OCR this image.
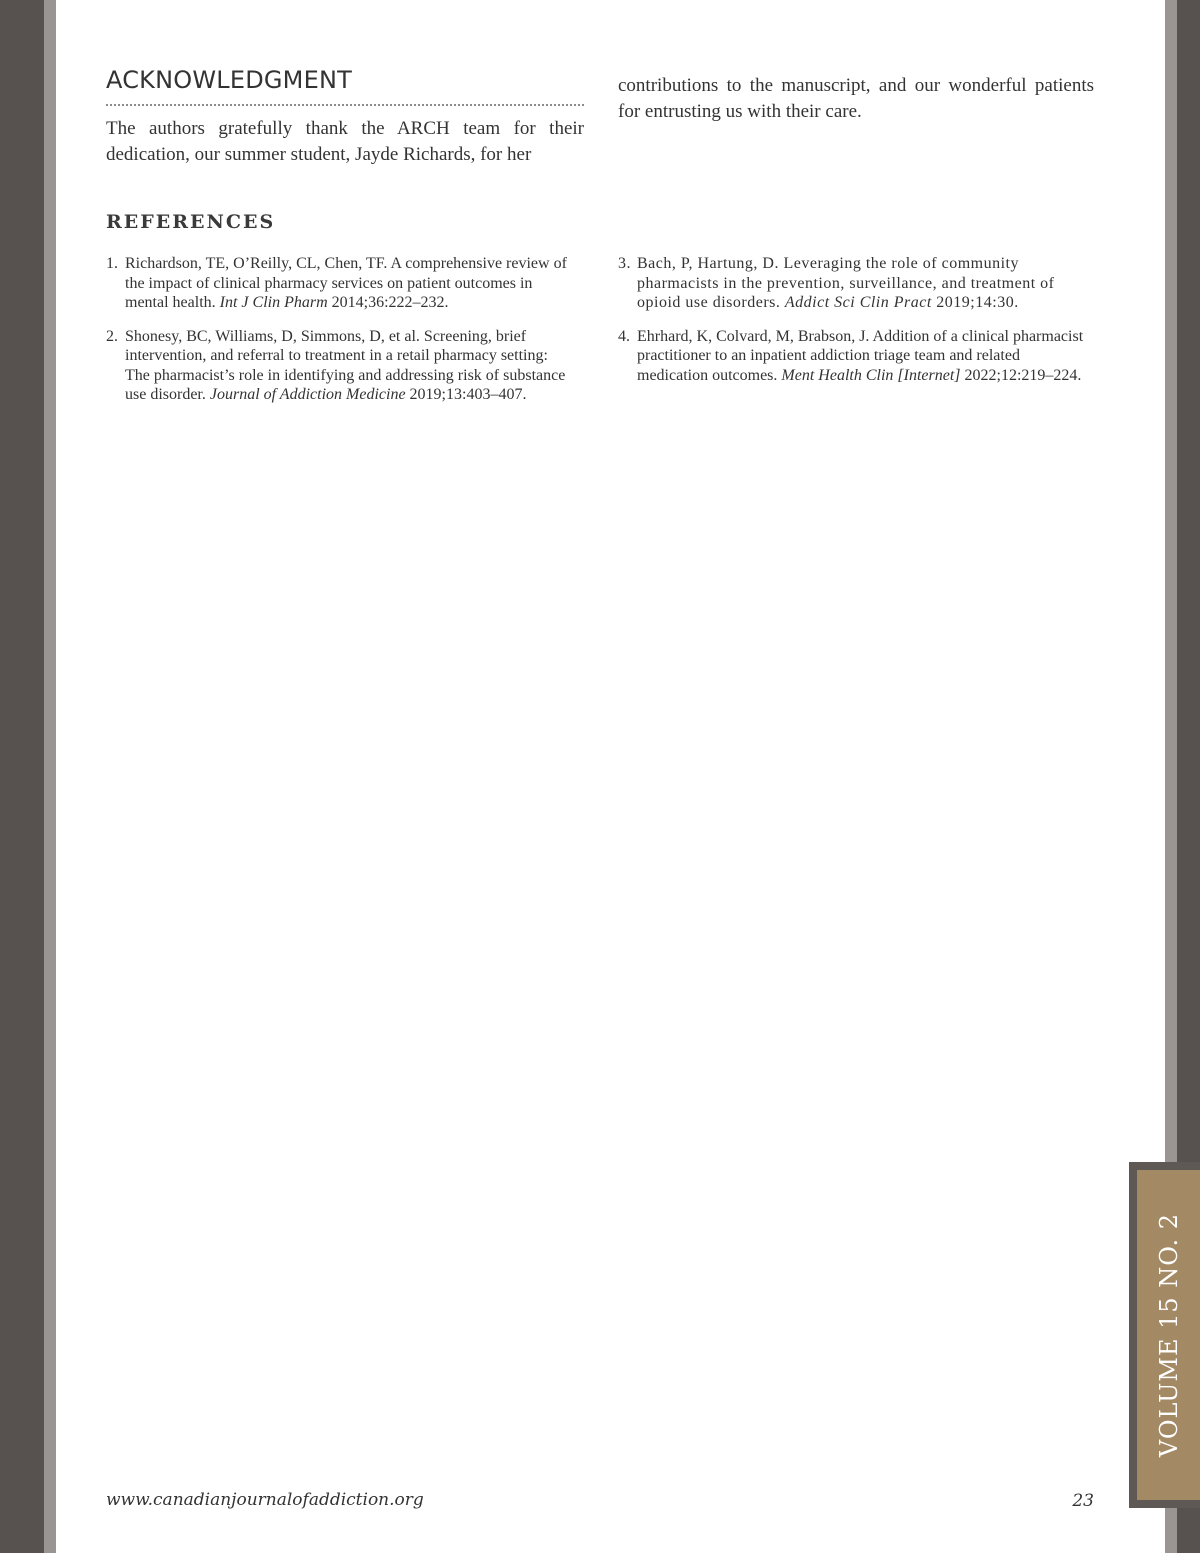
VOLUME 15 NO. 2
ACKNOWLEDGMENT

The authors gratefully thank the ARCH team for their dedication, our summer student, Jayde Richards, for her

contributions to the manuscript, and our wonderful patients for entrusting us with their care.

REFERENCES
1. Richardson, TE, O’Reilly, CL, Chen, TF. A comprehensive review of the impact of clinical pharmacy services on patient outcomes in mental health. Int J Clin Pharm 2014;36:222–232.
2. Shonesy, BC, Williams, D, Simmons, D, et al. Screening, brief intervention, and referral to treatment in a retail pharmacy setting: The pharmacist’s role in identifying and addressing risk of substance use disorder. Journal of Addiction Medicine 2019;13:403–407.
3. Bach, P, Hartung, D. Leveraging the role of community pharmacists in the prevention, surveillance, and treatment of opioid use disorders. Addict Sci Clin Pract 2019;14:30.
4. Ehrhard, K, Colvard, M, Brabson, J. Addition of a clinical pharmacist practitioner to an inpatient addiction triage team and related medication outcomes. Ment Health Clin [Internet] 2022;12:219–224.
www.canadianjournalofaddiction.org	23
